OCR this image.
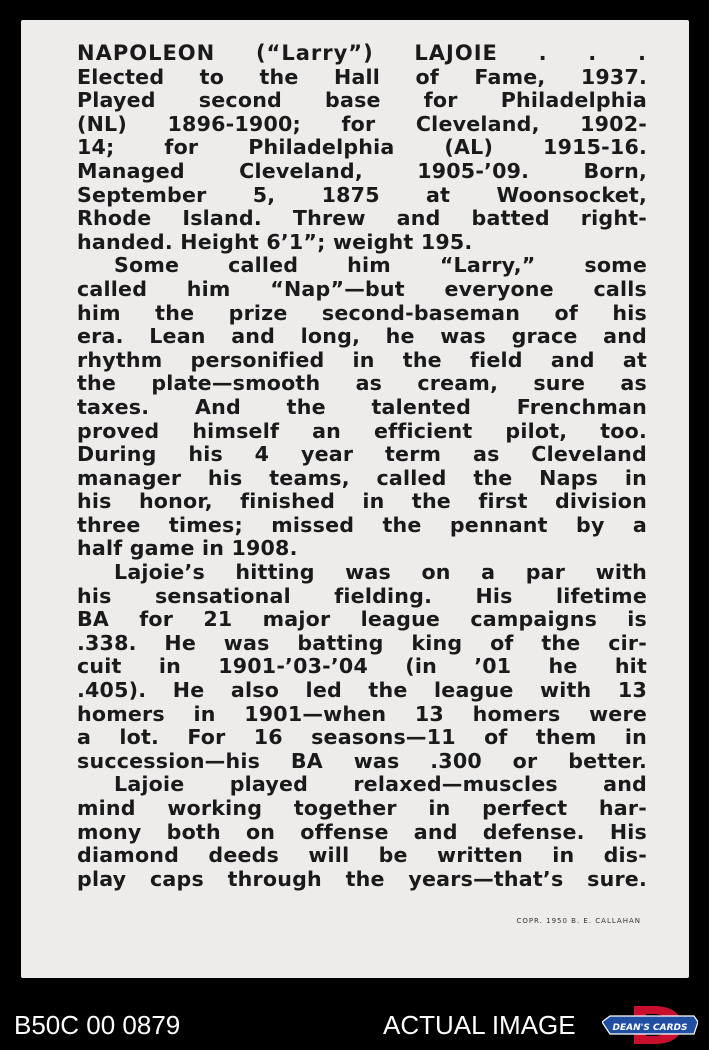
NAPOLEON (“Larry”) LAJOIE . . .
Elected to the Hall of Fame, 1937.
Played second base for Philadelphia
(NL) 1896-1900; for Cleveland, 1902-
14; for Philadelphia (AL) 1915-16.
Managed Cleveland, 1905-’09. Born,
September 5, 1875 at Woonsocket,
Rhode Island. Threw and batted right-
handed. Height 6’1”; weight 195.
Some called him “Larry,” some
called him “Nap”—but everyone calls
him the prize second-baseman of his
era. Lean and long, he was grace and
rhythm personified in the field and at
the plate—smooth as cream, sure as
taxes. And the talented Frenchman
proved himself an efficient pilot, too.
During his 4 year term as Cleveland
manager his teams, called the Naps in
his honor, finished in the first division
three times; missed the pennant by a
half game in 1908.
Lajoie’s hitting was on a par with
his sensational fielding. His lifetime
BA for 21 major league campaigns is
.338. He was batting king of the cir-
cuit in 1901-’03-’04 (in ’01 he hit
.405). He also led the league with 13
homers in 1901—when 13 homers were
a lot. For 16 seasons—11 of them in
succession—his BA was .300 or better.
Lajoie played relaxed—muscles and
mind working together in perfect har-
mony both on offense and defense. His
diamond deeds will be written in dis-
play caps through the years—that’s sure.
COPR. 1950 B. E. CALLAHAN
B50C 00 0879	ACTUAL IMAGE	DEAN'S CARDS
